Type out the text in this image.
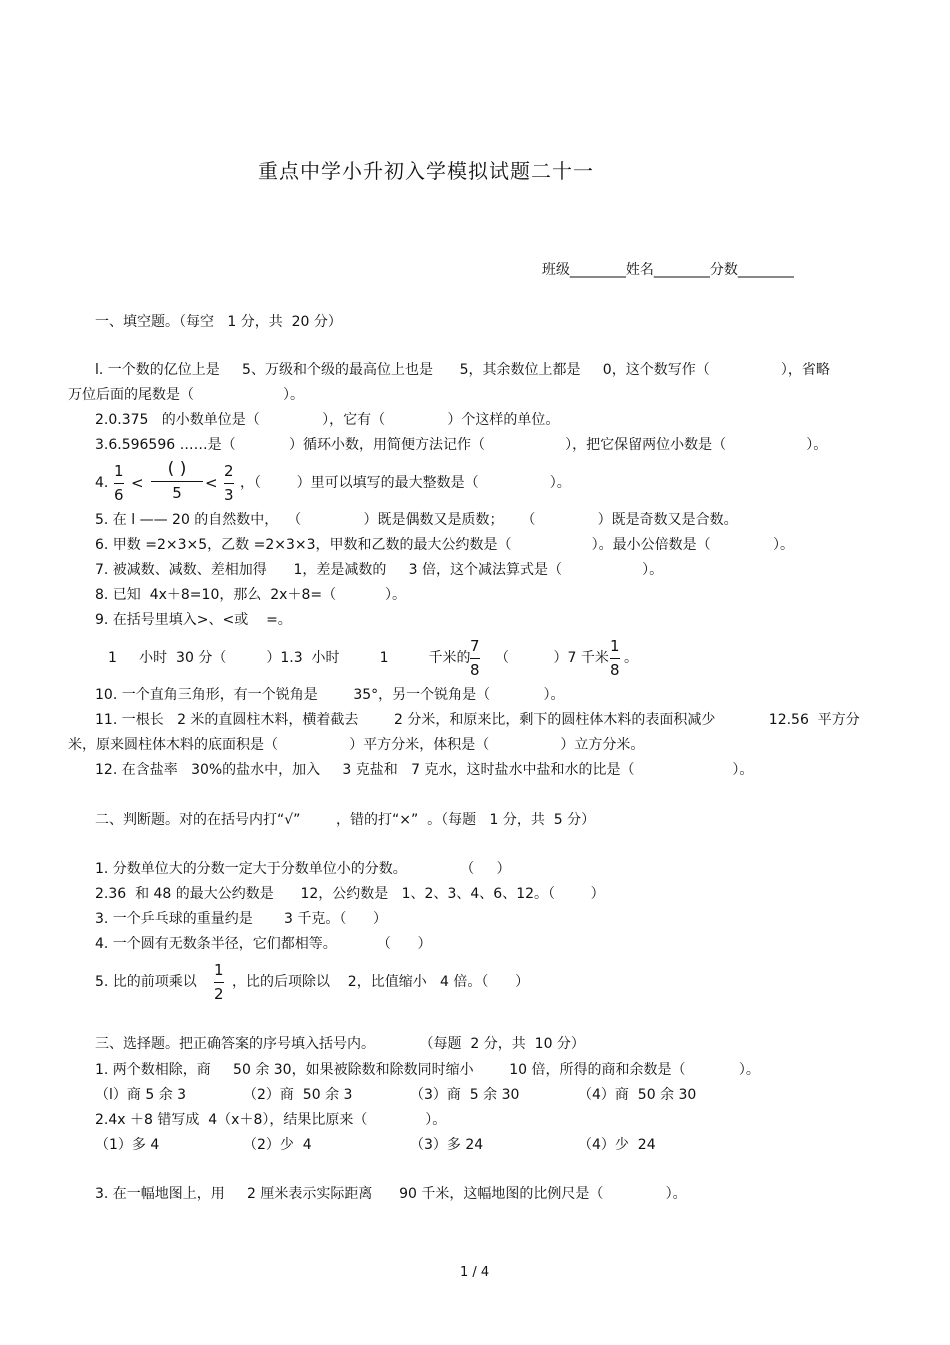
重点中学小升初入学模拟试题二十一

班级________姓名________分数________

一、填空题。（每空   1 分，共  20 分）
l. 一个数的亿位上是     5、万级和个级的最高位上也是      5，其余数位上都是     0，这个数写作（                ），省略
万位后面的尾数是（                    ）。
2.0.375   的小数单位是（              ），它有（              ）个这样的单位。
3.6.596596 ……是（            ）循环小数，用简便方法记作（                  ），把它保留两位小数是（                  ）。
4.
1
6
<
( )
5
<
2
3
，（        ）里可以填写的最大整数是（                ）。
5. 在 l —— 20 的自然数中，  （              ）既是偶数又是质数；    （              ）既是奇数又是合数。
6. 甲数 =2×3×5，乙数 =2×3×3，甲数和乙数的最大公约数是（                  ）。最小公倍数是（              ）。
7. 被减数、减数、差相加得      1，差是减数的     3 倍，这个减法算式是（                  ）。
8. 已知  4x＋8=10，那么  2x＋8=（           ）。
9. 在括号里填入>、<或    =。
1     小时  30 分（         ）1.3  小时         1         千米的
7
8
（          ）7 千米
1
8
。
10. 一个直角三角形，有一个锐角是        35°，另一个锐角是（            ）。
11. 一根长   2 米的直圆柱木料，横着截去        2 分米，和原来比，剩下的圆柱体木料的表面积减少            12.56  平方分
米，原来圆柱体木料的底面积是（                ）平方分米，体积是（                ）立方分米。
12. 在含盐率   30%的盐水中，加入     3 克盐和   7 克水，这时盐水中盐和水的比是（                      ）。
二、判断题。对的在括号内打“√”        ，错的打“×”  。（每题   1 分，共  5 分）
1. 分数单位大的分数一定大于分数单位小的分数。            （     ）
2.36  和 48 的最大公约数是      12，公约数是   1、2、3、4、6、12。（        ）
3. 一个乒乓球的重量约是       3 千克。（      ）
4. 一个圆有无数条半径，它们都相等。         （      ）
5. 比的前项乘以
1
2
，比的后项除以    2，比值缩小   4 倍。（      ）
三、选择题。把正确答案的序号填入括号内。          （每题  2 分，共  10 分）
1. 两个数相除，商     50 余 30，如果被除数和除数同时缩小        10 倍，所得的商和余数是（            ）。
（l）商 5 余 3	（2）商  50 余 3	（3）商  5 余 30	（4）商  50 余 30
2.4x ＋8 错写成  4（x＋8），结果比原来（             ）。
（1）多 4	（2）少  4	（3）多 24	（4）少  24
3. 在一幅地图上，用     2 厘米表示实际距离      90 千米，这幅地图的比例尺是（              ）。
1 / 4
